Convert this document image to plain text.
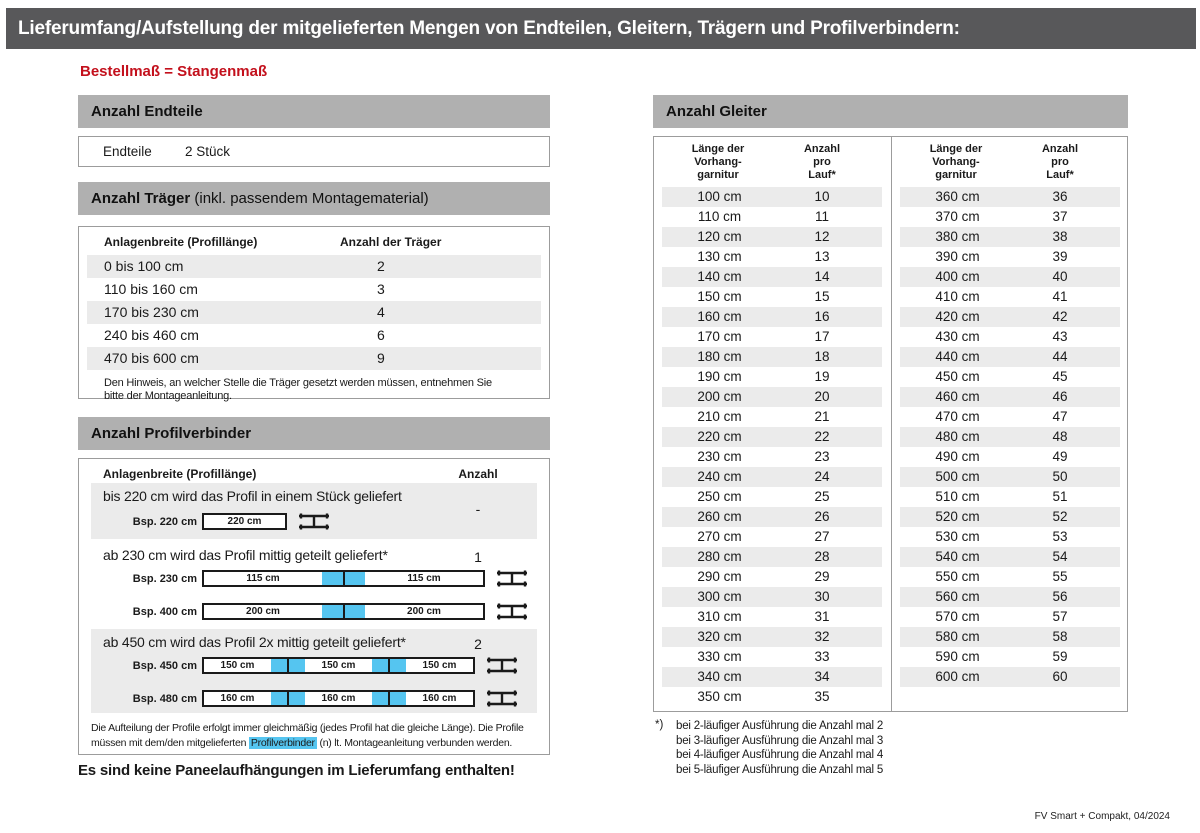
Lieferumfang/Aufstellung der mitgelieferten Mengen von Endteilen, Gleitern, Trägern und Profilverbindern:
Bestellmaß = Stangenmaß
Anzahl Endteile
Endteile	2 Stück
Anzahl Träger (inkl. passendem Montagematerial)
Anlagenbreite (Profillänge)	Anzahl der Träger
0 bis 100 cm	2
110 bis 160 cm	3
170 bis 230 cm	4
240 bis 460 cm	6
470 bis 600 cm	9
Den Hinweis, an welcher Stelle die Träger gesetzt werden müssen, entnehmen Sie bitte der Montageanleitung.
Anzahl Profilverbinder
Anlagenbreite (Profillänge)	Anzahl
bis 220 cm wird das Profil in einem Stück geliefert
-
Bsp. 220 cm	220 cm
ab 230 cm wird das Profil mittig geteilt geliefert*	1
Bsp. 230 cm	115 cm	115 cm
Bsp. 400 cm	200 cm	200 cm
ab 450 cm wird das Profil 2x mittig geteilt geliefert*	2
Bsp. 450 cm	150 cm	150 cm	150 cm
Bsp. 480 cm	160 cm	160 cm	160 cm
Die Aufteilung der Profile erfolgt immer gleichmäßig (jedes Profil hat die gleiche Länge). Die Profile müssen mit dem/den mitgelieferten Profilverbinder (n) lt. Montageanleitung verbunden werden.
Es sind keine Paneelaufhängungen im Lieferumfang enthalten!
Anzahl Gleiter
Länge der
Vorhang-
garnitur
Anzahl
pro
Lauf*
100 cm	10
110 cm	11
120 cm	12
130 cm	13
140 cm	14
150 cm	15
160 cm	16
170 cm	17
180 cm	18
190 cm	19
200 cm	20
210 cm	21
220 cm	22
230 cm	23
240 cm	24
250 cm	25
260 cm	26
270 cm	27
280 cm	28
290 cm	29
300 cm	30
310 cm	31
320 cm	32
330 cm	33
340 cm	34
350 cm	35
Länge der
Vorhang-
garnitur
Anzahl
pro
Lauf*
360 cm	36
370 cm	37
380 cm	38
390 cm	39
400 cm	40
410 cm	41
420 cm	42
430 cm	43
440 cm	44
450 cm	45
460 cm	46
470 cm	47
480 cm	48
490 cm	49
500 cm	50
510 cm	51
520 cm	52
530 cm	53
540 cm	54
550 cm	55
560 cm	56
570 cm	57
580 cm	58
590 cm	59
600 cm	60
*) bei 2-läufiger Ausführung die Anzahl mal 2
bei 3-läufiger Ausführung die Anzahl mal 3
bei 4-läufiger Ausführung die Anzahl mal 4
bei 5-läufiger Ausführung die Anzahl mal 5
FV Smart + Compakt, 04/2024
